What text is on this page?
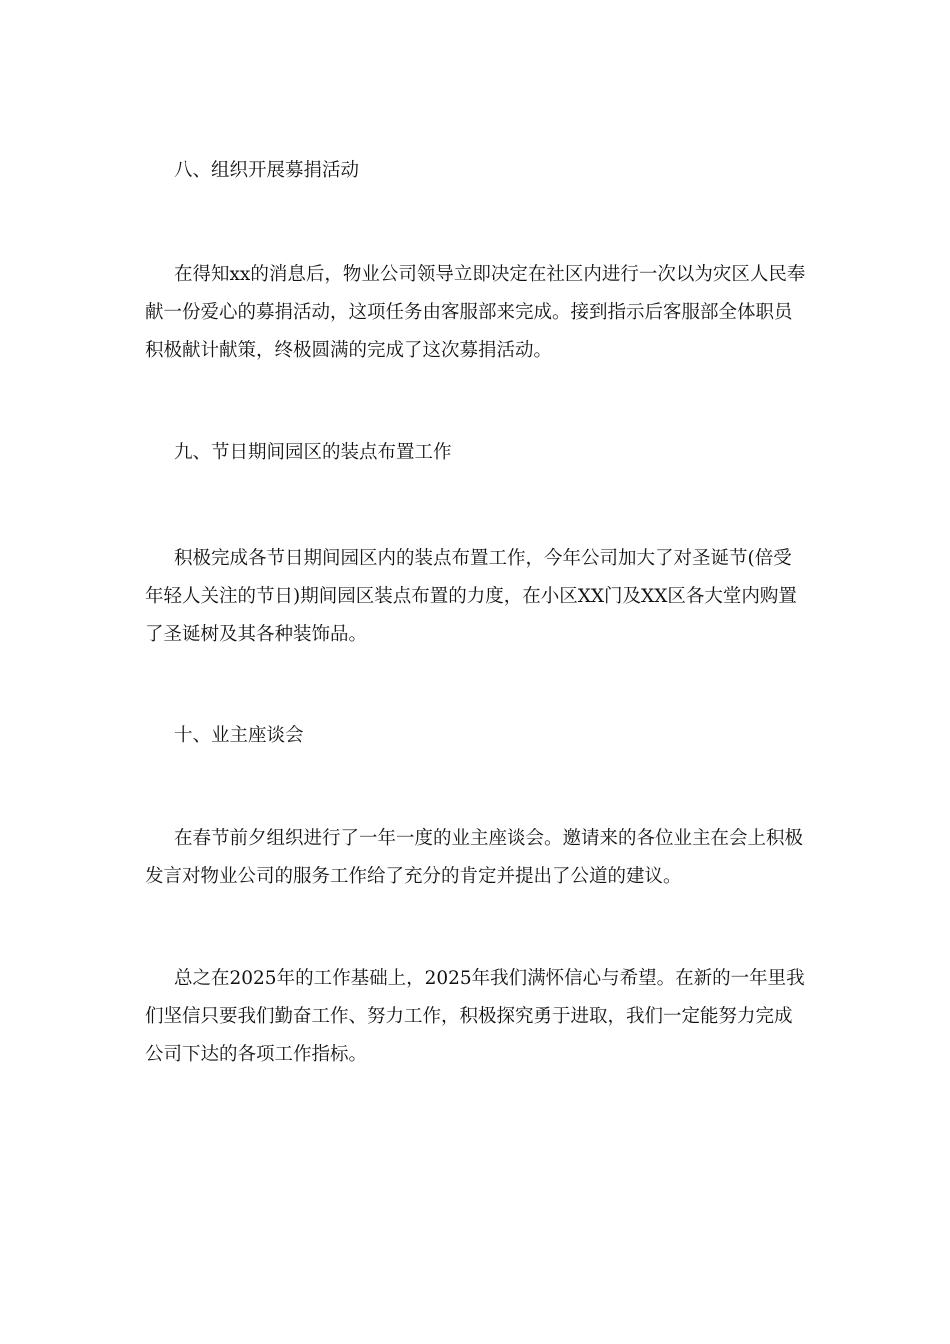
八、组织开展募捐活动

在得知xx的消息后，物业公司领导立即决定在社区内进行一次以为灾区人民奉献一份爱心的募捐活动，这项任务由客服部来完成。接到指示后客服部全体职员积极献计献策，终极圆满的完成了这次募捐活动。

九、节日期间园区的装点布置工作

积极完成各节日期间园区内的装点布置工作，今年公司加大了对圣诞节(倍受年轻人关注的节日)期间园区装点布置的力度，在小区XX门及XX区各大堂内购置了圣诞树及其各种装饰品。

十、业主座谈会

在春节前夕组织进行了一年一度的业主座谈会。邀请来的各位业主在会上积极发言对物业公司的服务工作给了充分的肯定并提出了公道的建议。

总之在2025年的工作基础上，2025年我们满怀信心与希望。在新的一年里我们坚信只要我们勤奋工作、努力工作，积极探究勇于进取，我们一定能努力完成公司下达的各项工作指标。
